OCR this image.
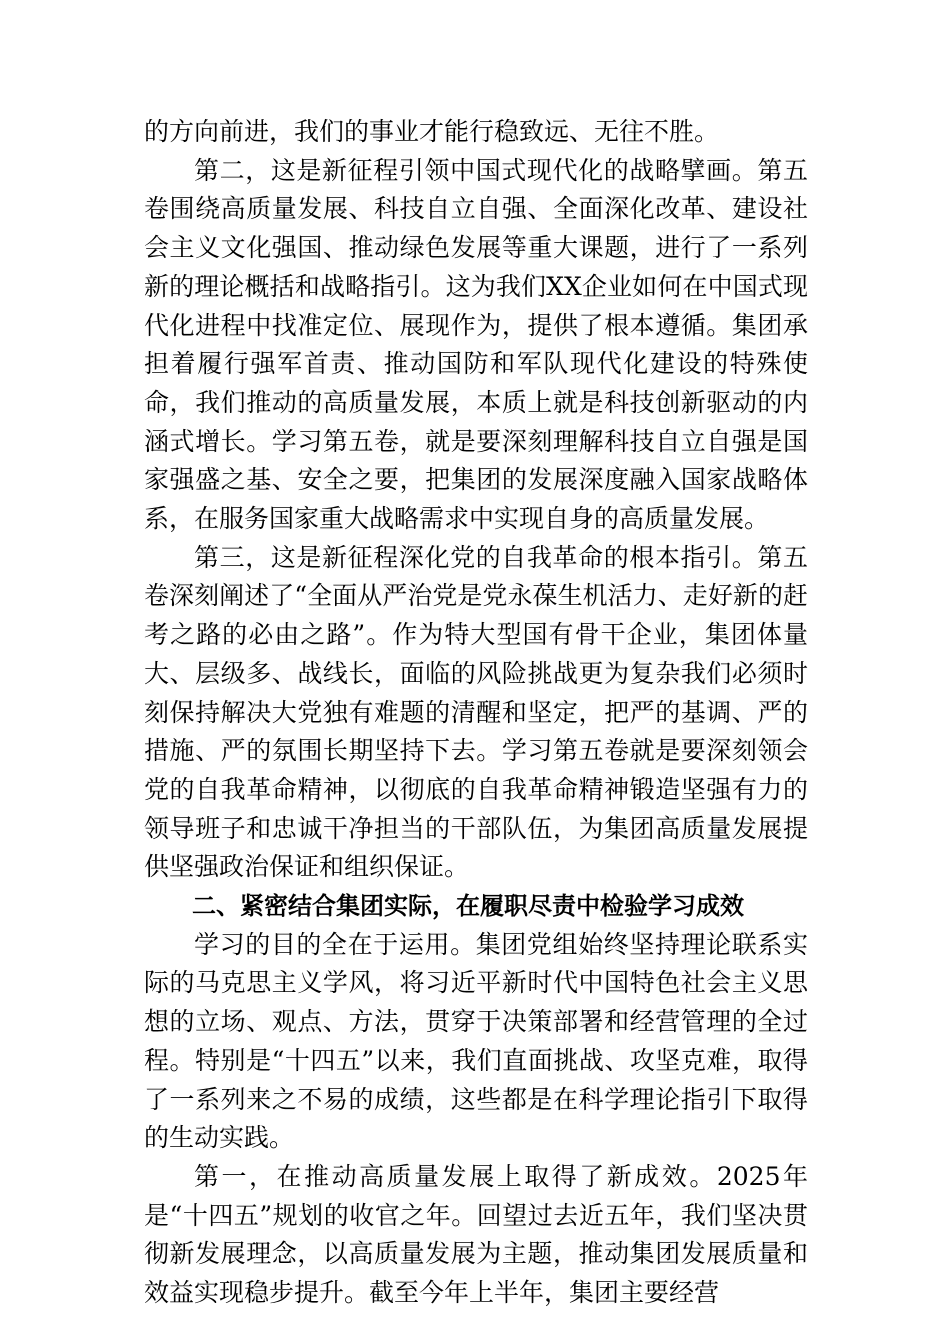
的方向前进，我们的事业才能行稳致远、无往不胜。

第二，这是新征程引领中国式现代化的战略擘画。第五卷围绕高质量发展、科技自立自强、全面深化改革、建设社会主义文化强国、推动绿色发展等重大课题，进行了一系列新的理论概括和战略指引。这为我们XX企业如何在中国式现代化进程中找准定位、展现作为，提供了根本遵循。集团承担着履行强军首责、推动国防和军队现代化建设的特殊使命，我们推动的高质量发展，本质上就是科技创新驱动的内涵式增长。学习第五卷，就是要深刻理解科技自立自强是国家强盛之基、安全之要，把集团的发展深度融入国家战略体系，在服务国家重大战略需求中实现自身的高质量发展。

第三，这是新征程深化党的自我革命的根本指引。第五卷深刻阐述了“全面从严治党是党永葆生机活力、走好新的赶考之路的必由之路”。作为特大型国有骨干企业，集团体量大、层级多、战线长，面临的风险挑战更为复杂我们必须时刻保持解决大党独有难题的清醒和坚定，把严的基调、严的措施、严的氛围长期坚持下去。学习第五卷就是要深刻领会党的自我革命精神，以彻底的自我革命精神锻造坚强有力的领导班子和忠诚干净担当的干部队伍，为集团高质量发展提供坚强政治保证和组织保证。

二、紧密结合集团实际，在履职尽责中检验学习成效

学习的目的全在于运用。集团党组始终坚持理论联系实际的马克思主义学风，将习近平新时代中国特色社会主义思想的立场、观点、方法，贯穿于决策部署和经营管理的全过程。特别是“十四五”以来，我们直面挑战、攻坚克难，取得了一系列来之不易的成绩，这些都是在科学理论指引下取得的生动实践。

第一，在推动高质量发展上取得了新成效。2025年是“十四五”规划的收官之年。回望过去近五年，我们坚决贯彻新发展理念，以高质量发展为主题，推动集团发展质量和效益实现稳步提升。截至今年上半年，集团主要经营
